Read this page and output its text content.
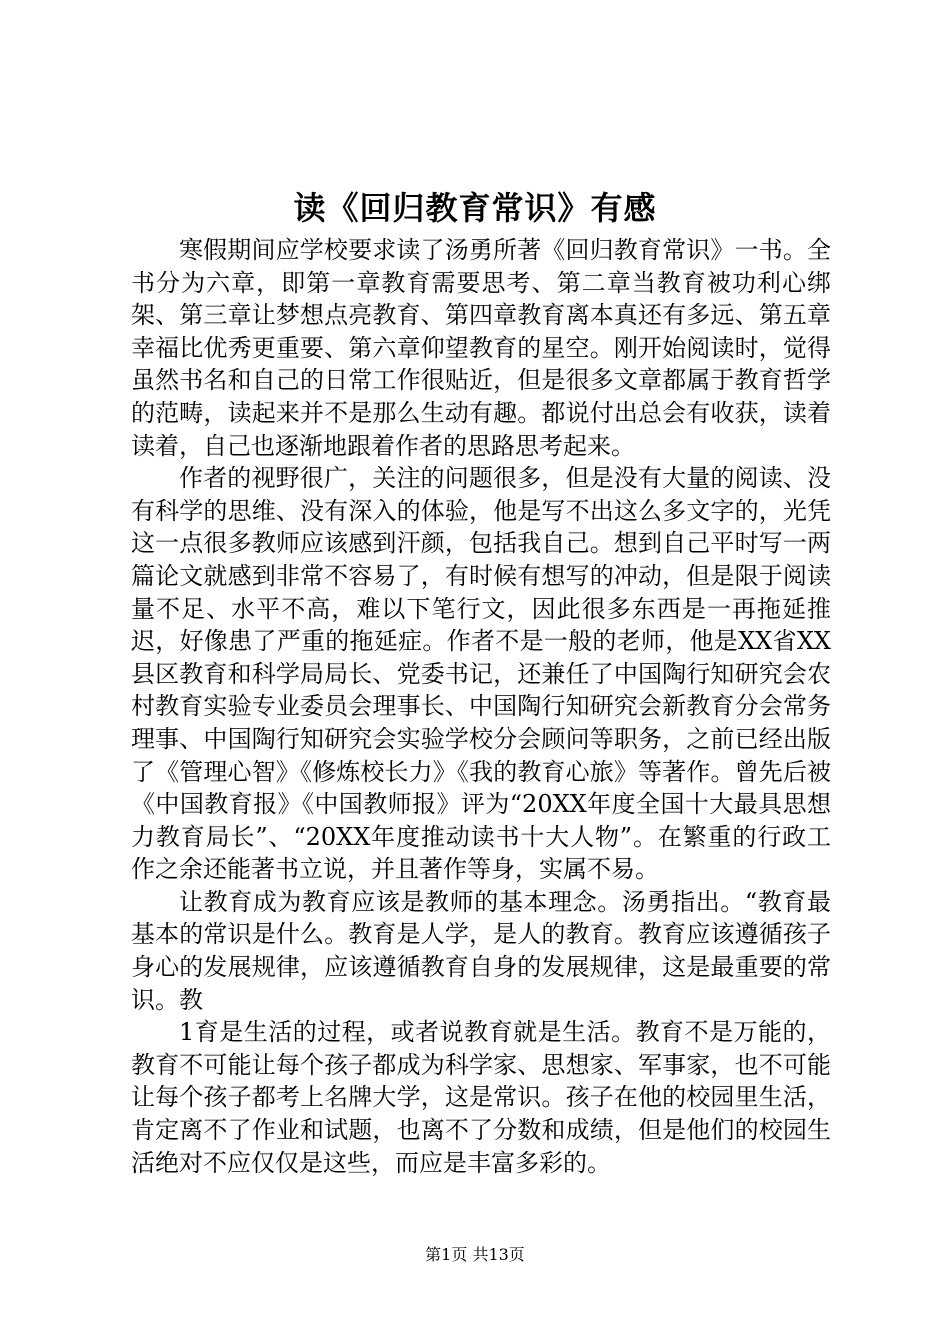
读《回归教育常识》有感

寒假期间应学校要求读了汤勇所著《回归教育常识》一书。全书分为六章，即第一章教育需要思考、第二章当教育被功利心绑架、第三章让梦想点亮教育、第四章教育离本真还有多远、第五章幸福比优秀更重要、第六章仰望教育的星空。刚开始阅读时，觉得虽然书名和自己的日常工作很贴近，但是很多文章都属于教育哲学的范畴，读起来并不是那么生动有趣。都说付出总会有收获，读着读着，自己也逐渐地跟着作者的思路思考起来。

作者的视野很广，关注的问题很多，但是没有大量的阅读、没有科学的思维、没有深入的体验，他是写不出这么多文字的，光凭这一点很多教师应该感到汗颜，包括我自己。想到自己平时写一两篇论文就感到非常不容易了，有时候有想写的冲动，但是限于阅读量不足、水平不高，难以下笔行文，因此很多东西是一再拖延推迟，好像患了严重的拖延症。作者不是一般的老师，他是XX省XX县区教育和科学局局长、党委书记，还兼任了中国陶行知研究会农村教育实验专业委员会理事长、中国陶行知研究会新教育分会常务理事、中国陶行知研究会实验学校分会顾问等职务，之前已经出版了《管理心智》《修炼校长力》《我的教育心旅》等著作。曾先后被《中国教育报》《中国教师报》评为“20XX年度全国十大最具思想力教育局长”、“20XX年度推动读书十大人物”。在繁重的行政工作之余还能著书立说，并且著作等身，实属不易。

让教育成为教育应该是教师的基本理念。汤勇指出。“教育最基本的常识是什么。教育是人学，是人的教育。教育应该遵循孩子身心的发展规律，应该遵循教育自身的发展规律，这是最重要的常识。教

1育是生活的过程，或者说教育就是生活。教育不是万能的，教育不可能让每个孩子都成为科学家、思想家、军事家，也不可能让每个孩子都考上名牌大学，这是常识。孩子在他的校园里生活，肯定离不了作业和试题，也离不了分数和成绩，但是他们的校园生活绝对不应仅仅是这些，而应是丰富多彩的。

第1页 共13页
